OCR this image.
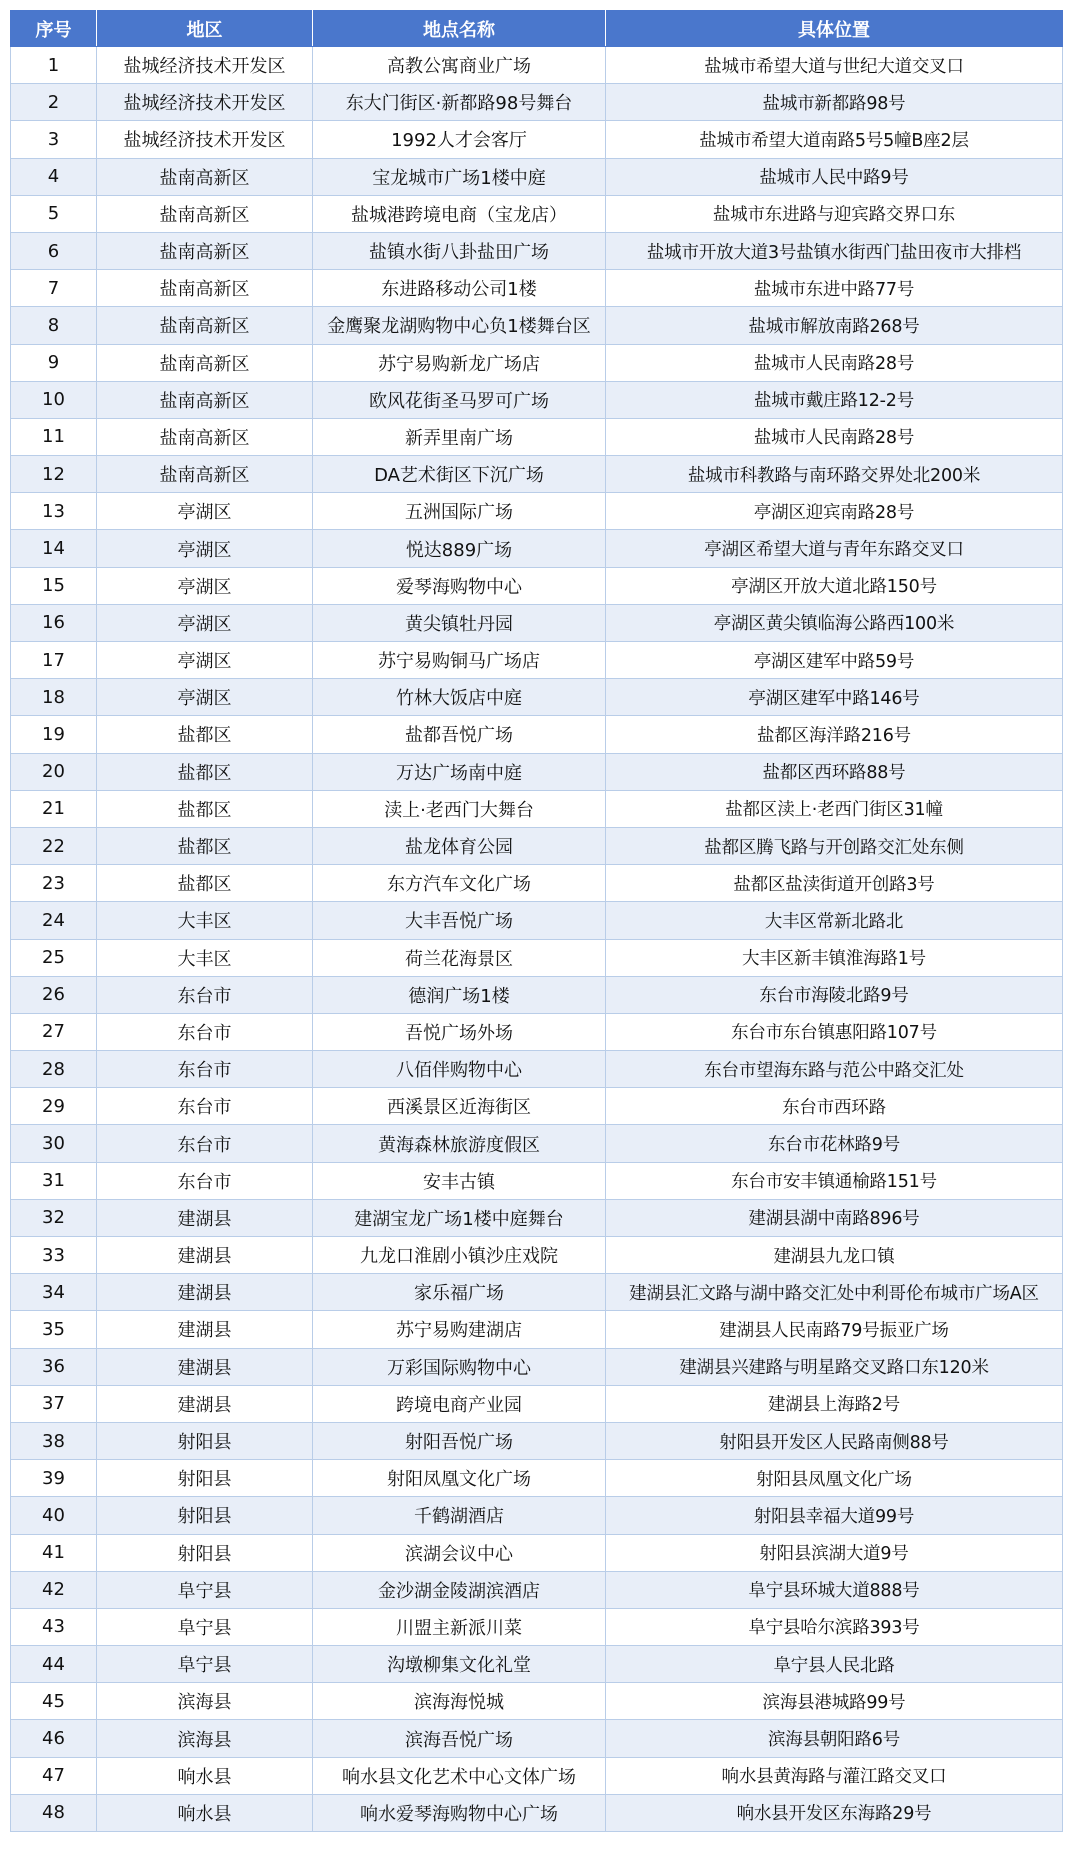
序号	地区	地点名称	具体位置
1	盐城经济技术开发区	高教公寓商业广场	盐城市希望大道与世纪大道交叉口
2	盐城经济技术开发区	东大门街区·新都路98号舞台	盐城市新都路98号
3	盐城经济技术开发区	1992人才会客厅	盐城市希望大道南路5号5幢B座2层
4	盐南高新区	宝龙城市广场1楼中庭	盐城市人民中路9号
5	盐南高新区	盐城港跨境电商（宝龙店）	盐城市东进路与迎宾路交界口东
6	盐南高新区	盐镇水街八卦盐田广场	盐城市开放大道3号盐镇水街西门盐田夜市大排档
7	盐南高新区	东进路移动公司1楼	盐城市东进中路77号
8	盐南高新区	金鹰聚龙湖购物中心负1楼舞台区	盐城市解放南路268号
9	盐南高新区	苏宁易购新龙广场店	盐城市人民南路28号
10	盐南高新区	欧风花街圣马罗可广场	盐城市戴庄路12-2号
11	盐南高新区	新弄里南广场	盐城市人民南路28号
12	盐南高新区	DA艺术街区下沉广场	盐城市科教路与南环路交界处北200米
13	亭湖区	五洲国际广场	亭湖区迎宾南路28号
14	亭湖区	悦达889广场	亭湖区希望大道与青年东路交叉口
15	亭湖区	爱琴海购物中心	亭湖区开放大道北路150号
16	亭湖区	黄尖镇牡丹园	亭湖区黄尖镇临海公路西100米
17	亭湖区	苏宁易购铜马广场店	亭湖区建军中路59号
18	亭湖区	竹林大饭店中庭	亭湖区建军中路146号
19	盐都区	盐都吾悦广场	盐都区海洋路216号
20	盐都区	万达广场南中庭	盐都区西环路88号
21	盐都区	渎上·老西门大舞台	盐都区渎上·老西门街区31幢
22	盐都区	盐龙体育公园	盐都区腾飞路与开创路交汇处东侧
23	盐都区	东方汽车文化广场	盐都区盐渎街道开创路3号
24	大丰区	大丰吾悦广场	大丰区常新北路北
25	大丰区	荷兰花海景区	大丰区新丰镇淮海路1号
26	东台市	德润广场1楼	东台市海陵北路9号
27	东台市	吾悦广场外场	东台市东台镇惠阳路107号
28	东台市	八佰伴购物中心	东台市望海东路与范公中路交汇处
29	东台市	西溪景区近海街区	东台市西环路
30	东台市	黄海森林旅游度假区	东台市花林路9号
31	东台市	安丰古镇	东台市安丰镇通榆路151号
32	建湖县	建湖宝龙广场1楼中庭舞台	建湖县湖中南路896号
33	建湖县	九龙口淮剧小镇沙庄戏院	建湖县九龙口镇
34	建湖县	家乐福广场	建湖县汇文路与湖中路交汇处中利哥伦布城市广场A区
35	建湖县	苏宁易购建湖店	建湖县人民南路79号振亚广场
36	建湖县	万彩国际购物中心	建湖县兴建路与明星路交叉路口东120米
37	建湖县	跨境电商产业园	建湖县上海路2号
38	射阳县	射阳吾悦广场	射阳县开发区人民路南侧88号
39	射阳县	射阳凤凰文化广场	射阳县凤凰文化广场
40	射阳县	千鹤湖酒店	射阳县幸福大道99号
41	射阳县	滨湖会议中心	射阳县滨湖大道9号
42	阜宁县	金沙湖金陵湖滨酒店	阜宁县环城大道888号
43	阜宁县	川盟主新派川菜	阜宁县哈尔滨路393号
44	阜宁县	沟墩柳集文化礼堂	阜宁县人民北路
45	滨海县	滨海海悦城	滨海县港城路99号
46	滨海县	滨海吾悦广场	滨海县朝阳路6号
47	响水县	响水县文化艺术中心文体广场	响水县黄海路与灌江路交叉口
48	响水县	响水爱琴海购物中心广场	响水县开发区东海路29号
